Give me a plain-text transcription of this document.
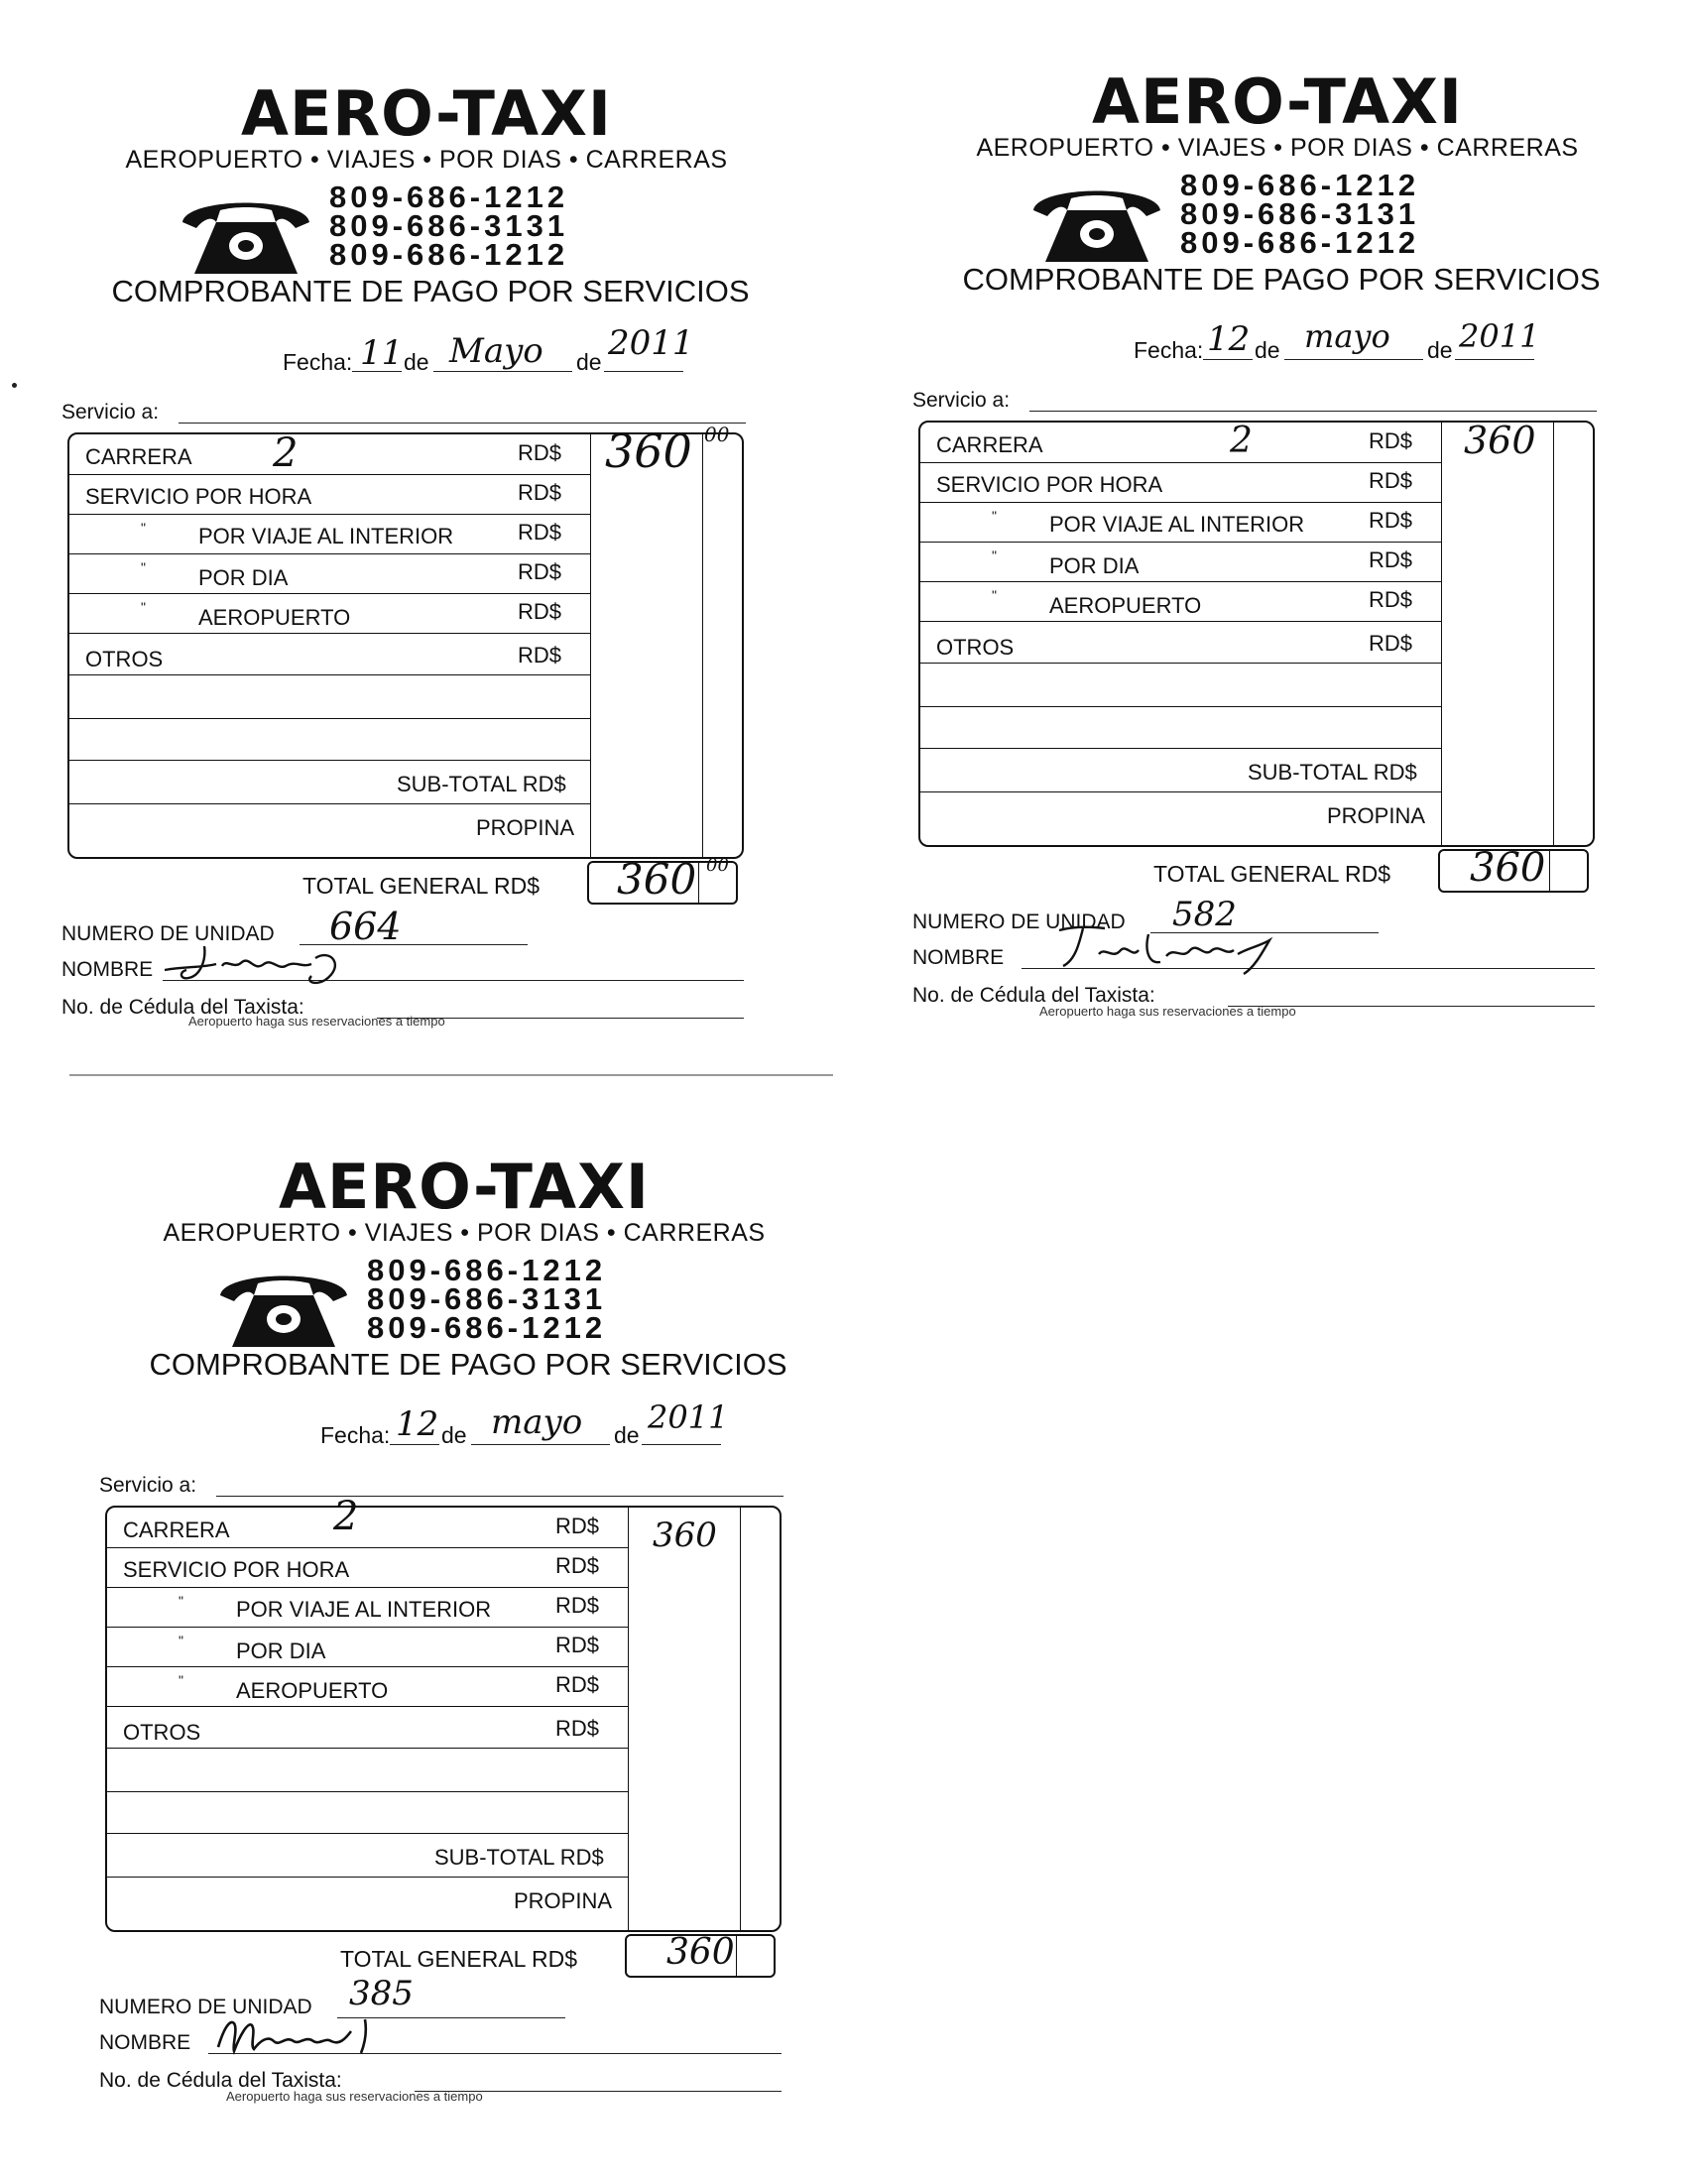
AERO-TAXI
AEROPUERTO • VIAJES • POR DIAS • CARRERAS
809-686-1212
809-686-3131
809-686-1212
COMPROBANTE DE PAGO POR SERVICIOS
Fecha: 11 de Mayo de 2011
Servicio a:
CARRERA 2	RD$ 360 00
SERVICIO POR HORA	RD$
" POR VIAJE AL INTERIOR	RD$
" POR DIA	RD$
" AEROPUERTO	RD$
OTROS	RD$
SUB-TOTAL RD$
PROPINA
TOTAL GENERAL RD$ 360 00
NUMERO DE UNIDAD 664
NOMBRE
No. de Cédula del Taxista:
Aeropuerto haga sus reservaciones a tiempo
AERO-TAXI
AEROPUERTO • VIAJES • POR DIAS • CARRERAS
809-686-1212
809-686-3131
809-686-1212
COMPROBANTE DE PAGO POR SERVICIOS
Fecha: 12 de mayo de 2011
Servicio a:
CARRERA	2	RD$ 360
SERVICIO POR HORA	RD$
" POR VIAJE AL INTERIOR	RD$
" POR DIA	RD$
" AEROPUERTO	RD$
OTROS	RD$
SUB-TOTAL RD$
PROPINA
TOTAL GENERAL RD$ 360
NUMERO DE UNIDAD 582
NOMBRE
No. de Cédula del Taxista:
Aeropuerto haga sus reservaciones a tiempo
AERO-TAXI
AEROPUERTO • VIAJES • POR DIAS • CARRERAS
809-686-1212
809-686-3131
809-686-1212
COMPROBANTE DE PAGO POR SERVICIOS
Fecha: 12 de mayo de 2011
Servicio a:
CARRERA	2	RD$ 360
SERVICIO POR HORA	RD$
" POR VIAJE AL INTERIOR	RD$
" POR DIA	RD$
" AEROPUERTO	RD$
OTROS	RD$
SUB-TOTAL RD$
PROPINA
TOTAL GENERAL RD$ 360
NUMERO DE UNIDAD 385
NOMBRE
No. de Cédula del Taxista:
Aeropuerto haga sus reservaciones a tiempo
